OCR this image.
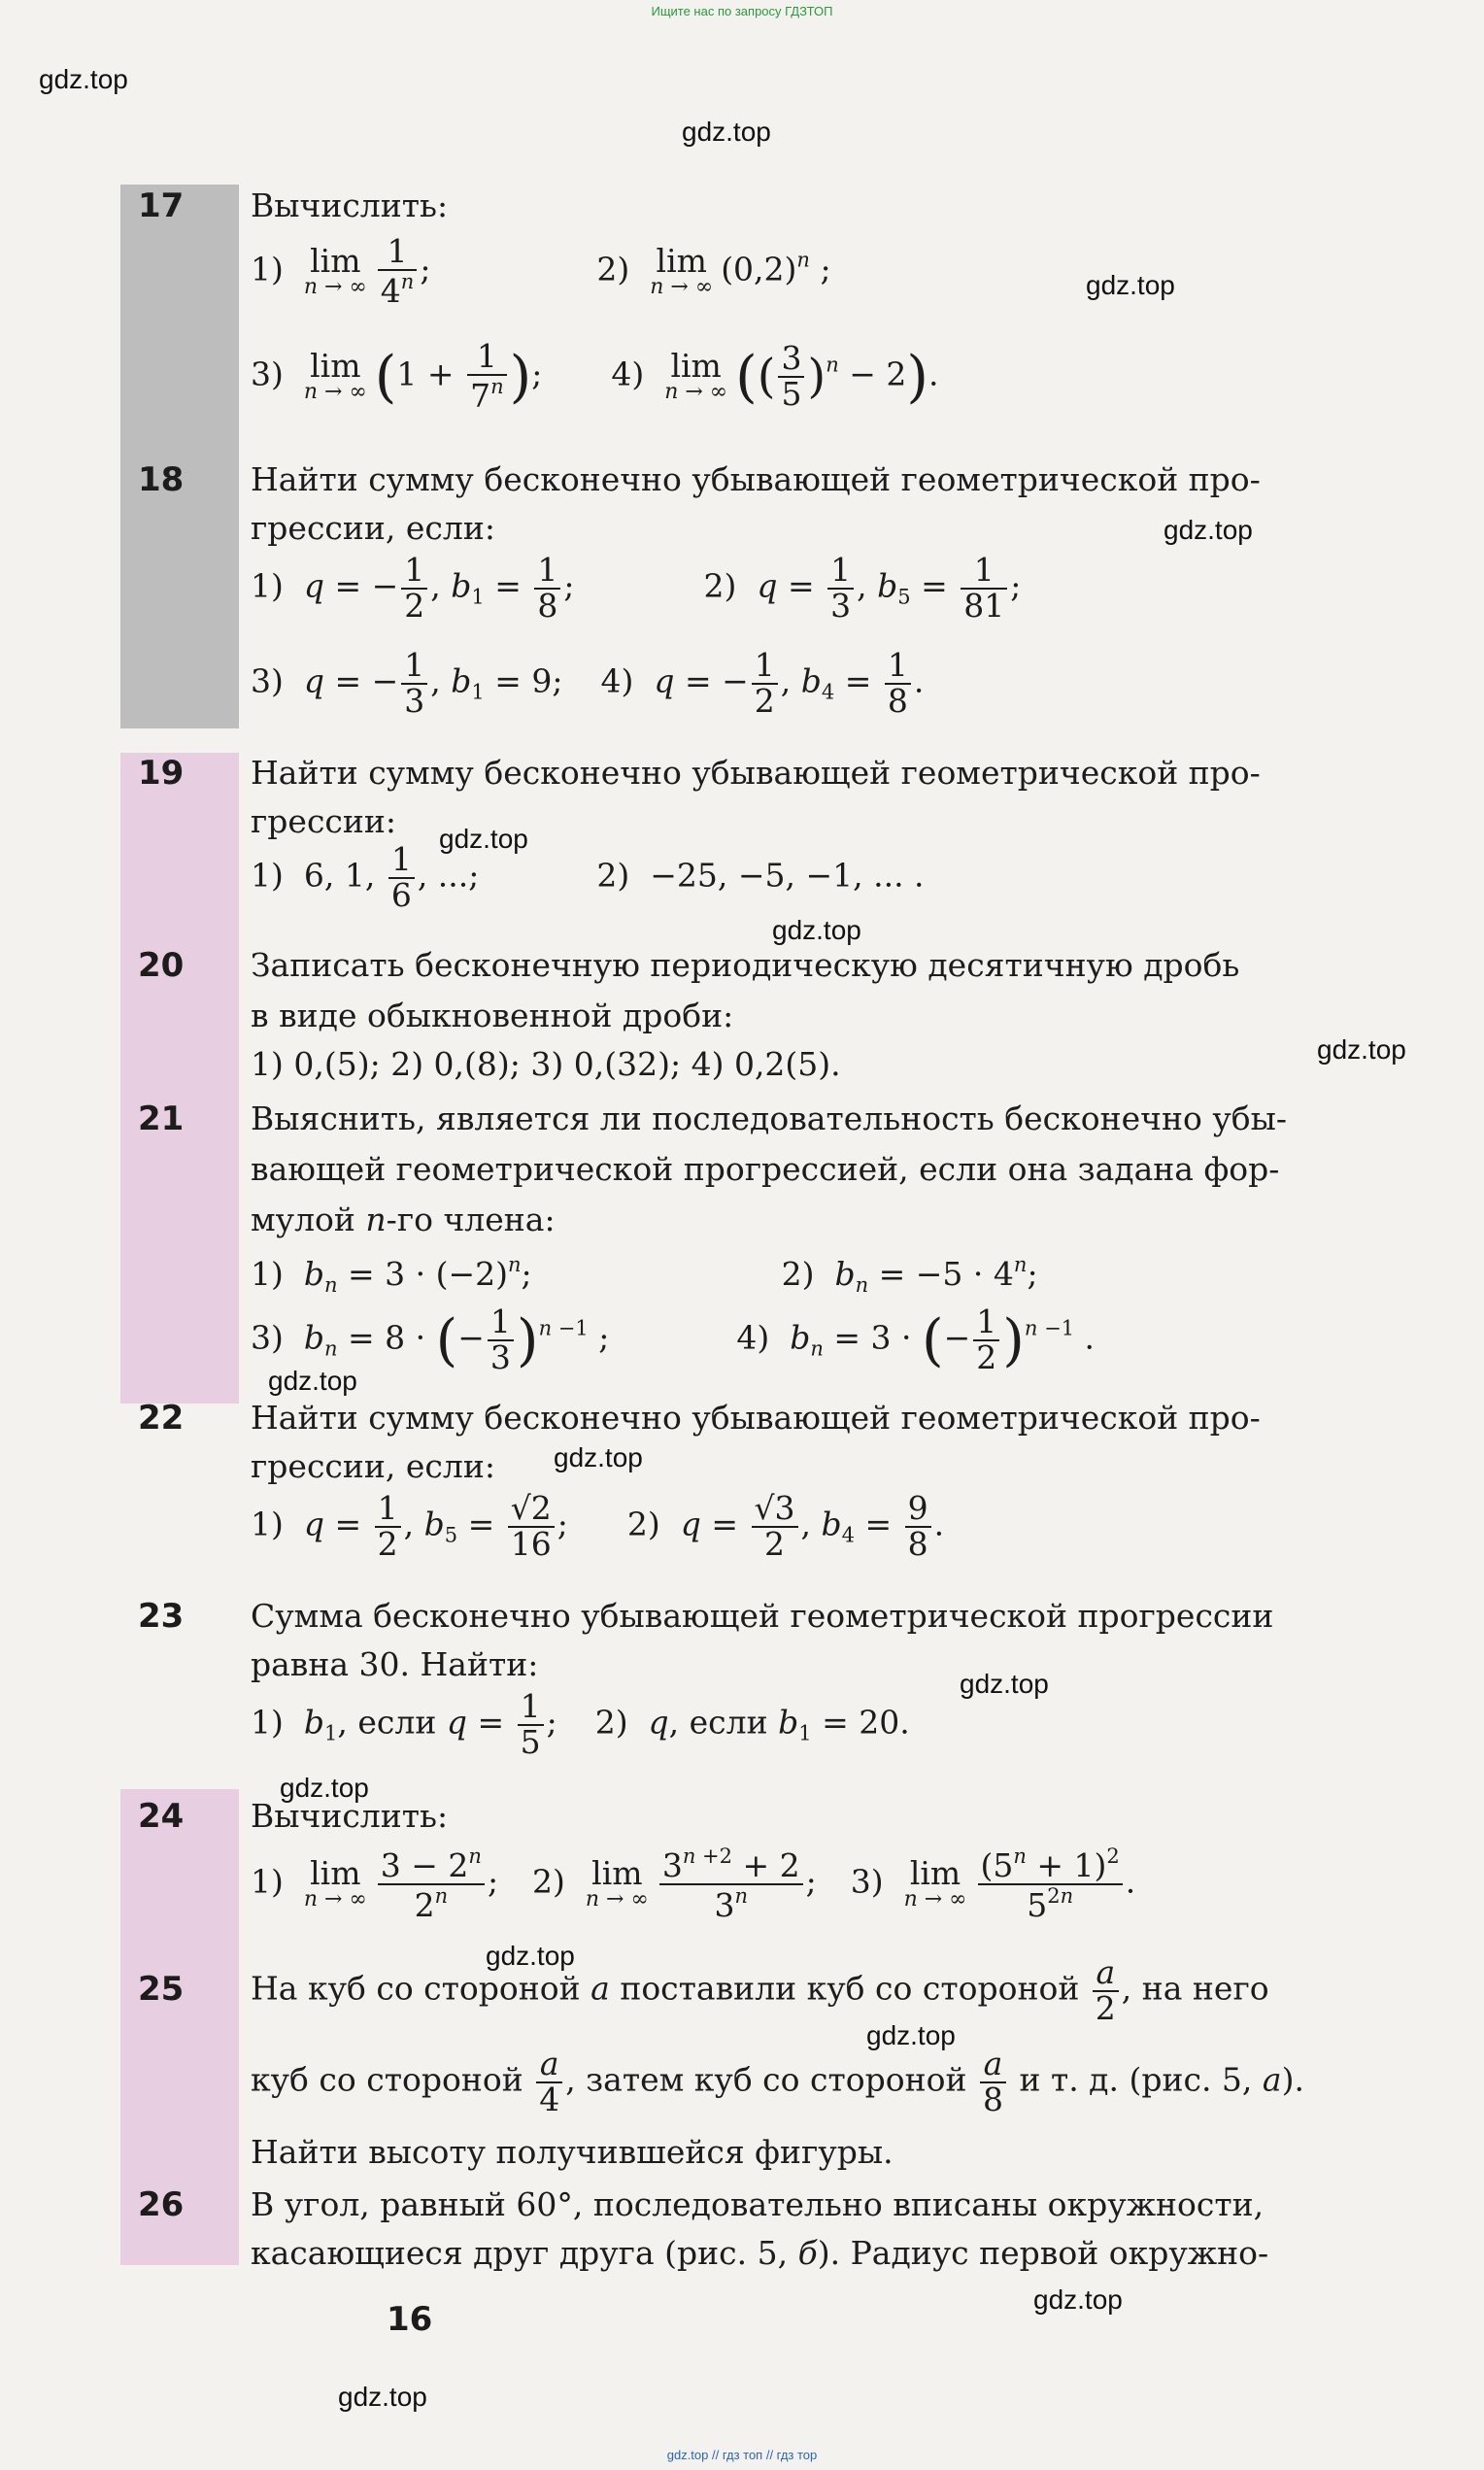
Ищите нас по запросу ГДЗТОП
gdz.top
gdz.top
gdz.top
gdz.top
gdz.top
gdz.top
gdz.top
gdz.top
gdz.top
gdz.top
gdz.top
gdz.top
gdz.top
gdz.top
gdz.top
17 Вычислить:
1) lim
n → ∞ $\frac{1}{4^n}$ ;	2) lim
n → ∞ $(0,2)^n$ ;
3) lim
n → ∞ ($1 + \frac{1}{7^n}$ );  4) lim
n → ∞ (( $\frac{3}{5} )^n - 2$).
18 Найти сумму бесконечно убывающей геометрической про-
грессии, если:
1)  q = − $\frac{1}{2}$ , $b_1 = \frac{1}{8}$ ;	2)  $q = \frac{1}{3}$ , $b_5 = \frac{1}{81}$ ;
3)  q = − $\frac{1}{3}$ , $b_1 = 9$;  4)  q = − $\frac{1}{2}$ , $b_4 = \frac{1}{8}$ .
19 Найти сумму бесконечно убывающей геометрической про-
грессии:
1)  6, 1, $\frac{1}{6}$ , ...;	2)  −25, −5, −1, ... .
20 Записать бесконечную периодическую десятичную дробь
в виде обыкновенной дроби:
1) 0,(5); 2) 0,(8); 3) 0,(32); 4) 0,2(5).
21 Выяснить, является ли последовательность бесконечно убы-
вающей геометрической прогрессией, если она задана фор-
мулой n-го члена:
1)  $b_n = 3 \cdot (-2)^n$;	2)  $b_n = -5 \cdot 4^n$;
3)  $b_n = 8$ · (− $\frac{1}{3} )^{n -1}$ ;	4)  $b_n = 3$ · (− $\frac{1}{2} )^{n -1}$ .
22 Найти сумму бесконечно убывающей геометрической про-
грессии, если:
1)  $q = \frac{1}{2}$ , $b_5 = \frac{√2}{16}$ ;  2)  $q = \frac{√3}{2}$ , $b_4 = \frac{9}{8}$ .
23 Сумма бесконечно убывающей геометрической прогрессии
равна 30. Найти:
1)  $b_1$, если $q = \frac{1}{5}$ ;  2)  q, если $b_1 = 20$.
24 Вычислить:
1) lim
n → ∞ $\frac{3 - 2^n}{2^n}$ ;  2) lim
n → ∞ $\frac{3^{n +2} + 2}{3^n}$ ;  3) lim
n → ∞ $\frac{(5^n + 1)^2}{5^{2n}}$ .
25 На куб со стороной a поставили куб со стороной $\frac{a}{2}$ , на него
куб со стороной $\frac{a}{4}$ , затем куб со стороной $\frac{a}{8}$ и т. д. (рис. 5, а).
Найти высоту получившейся фигуры.
26 В угол, равный 60°, последовательно вписаны окружности,
касающиеся друг друга (рис. 5, б). Радиус первой окружно-
16
gdz.top // гдз топ // гдз тор
